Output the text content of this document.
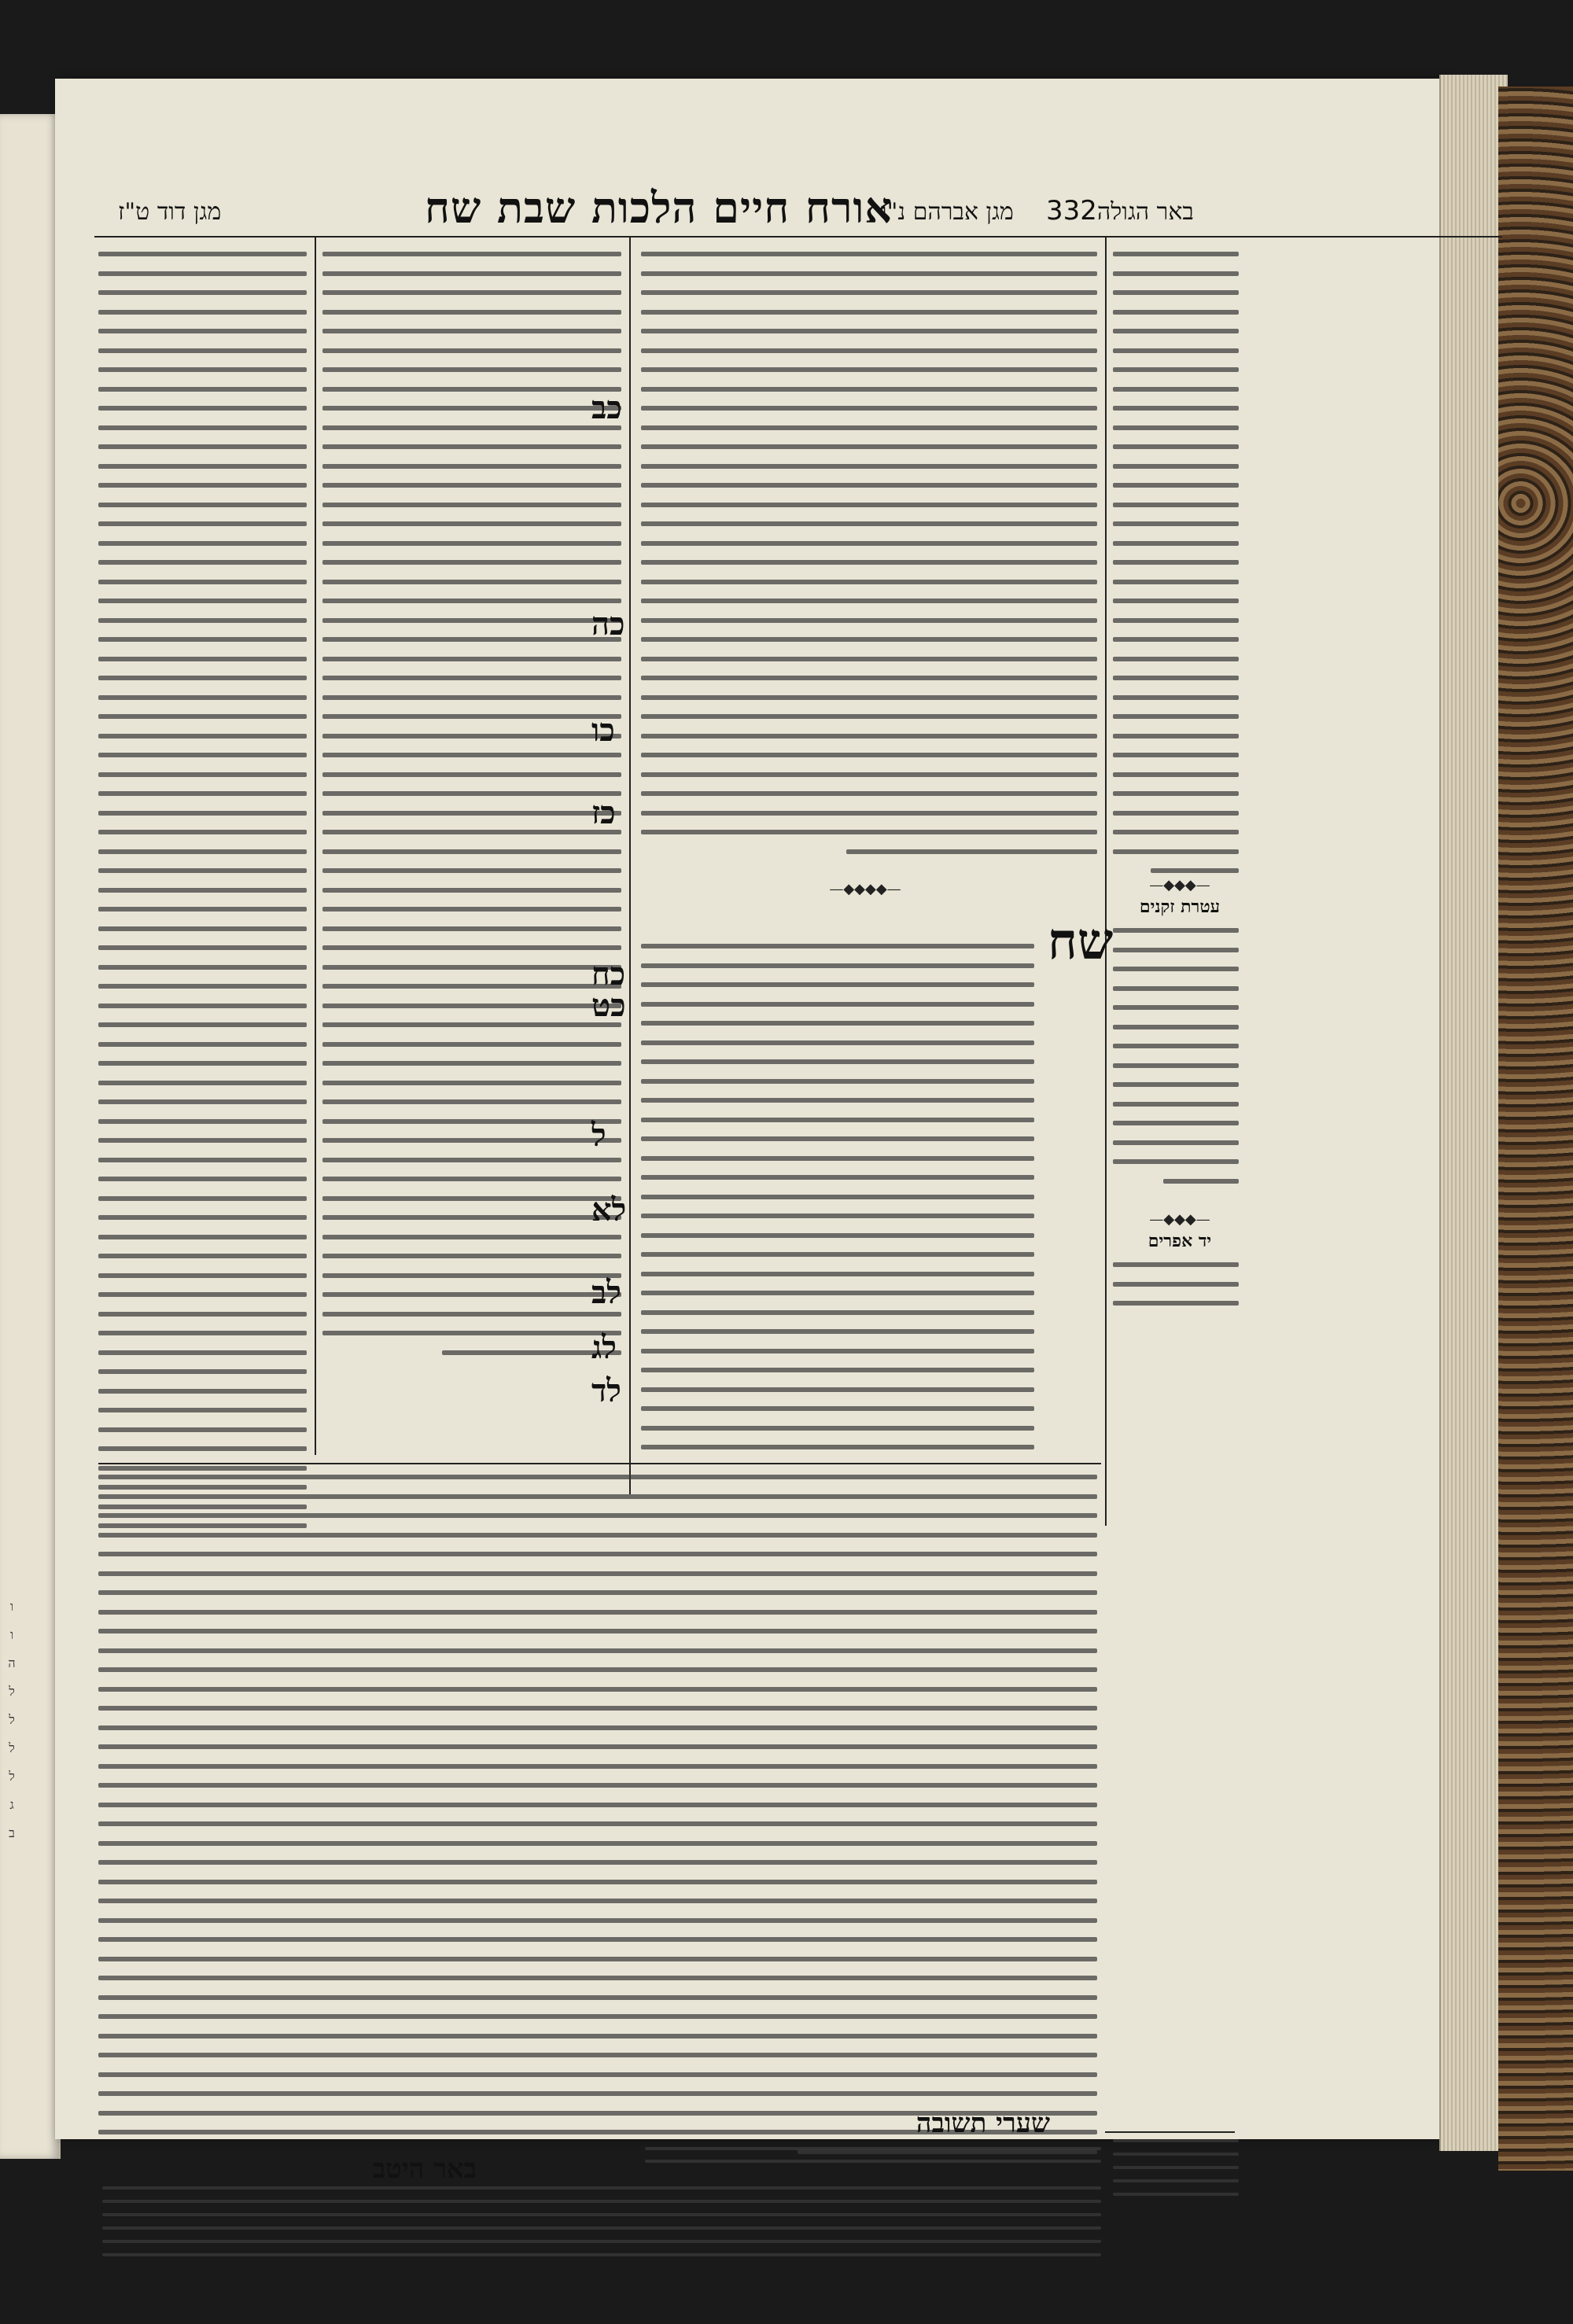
ו
ו
ה
ל
ל
ל
ל
ג
ב
באר הגולה
332
מגן אברהם נ"ו
אורח חיים הלכות שבת שח
מגן דוד ט"ז
—◆◆◆—
עטרת זקנים
—◆◆◆—
יד אפרים
—◆◆◆◆—
שח
כב
כה
כו
כז
כח
כט
ל
לא
לב
לג
לד
שערי תשובה
באר היטב
